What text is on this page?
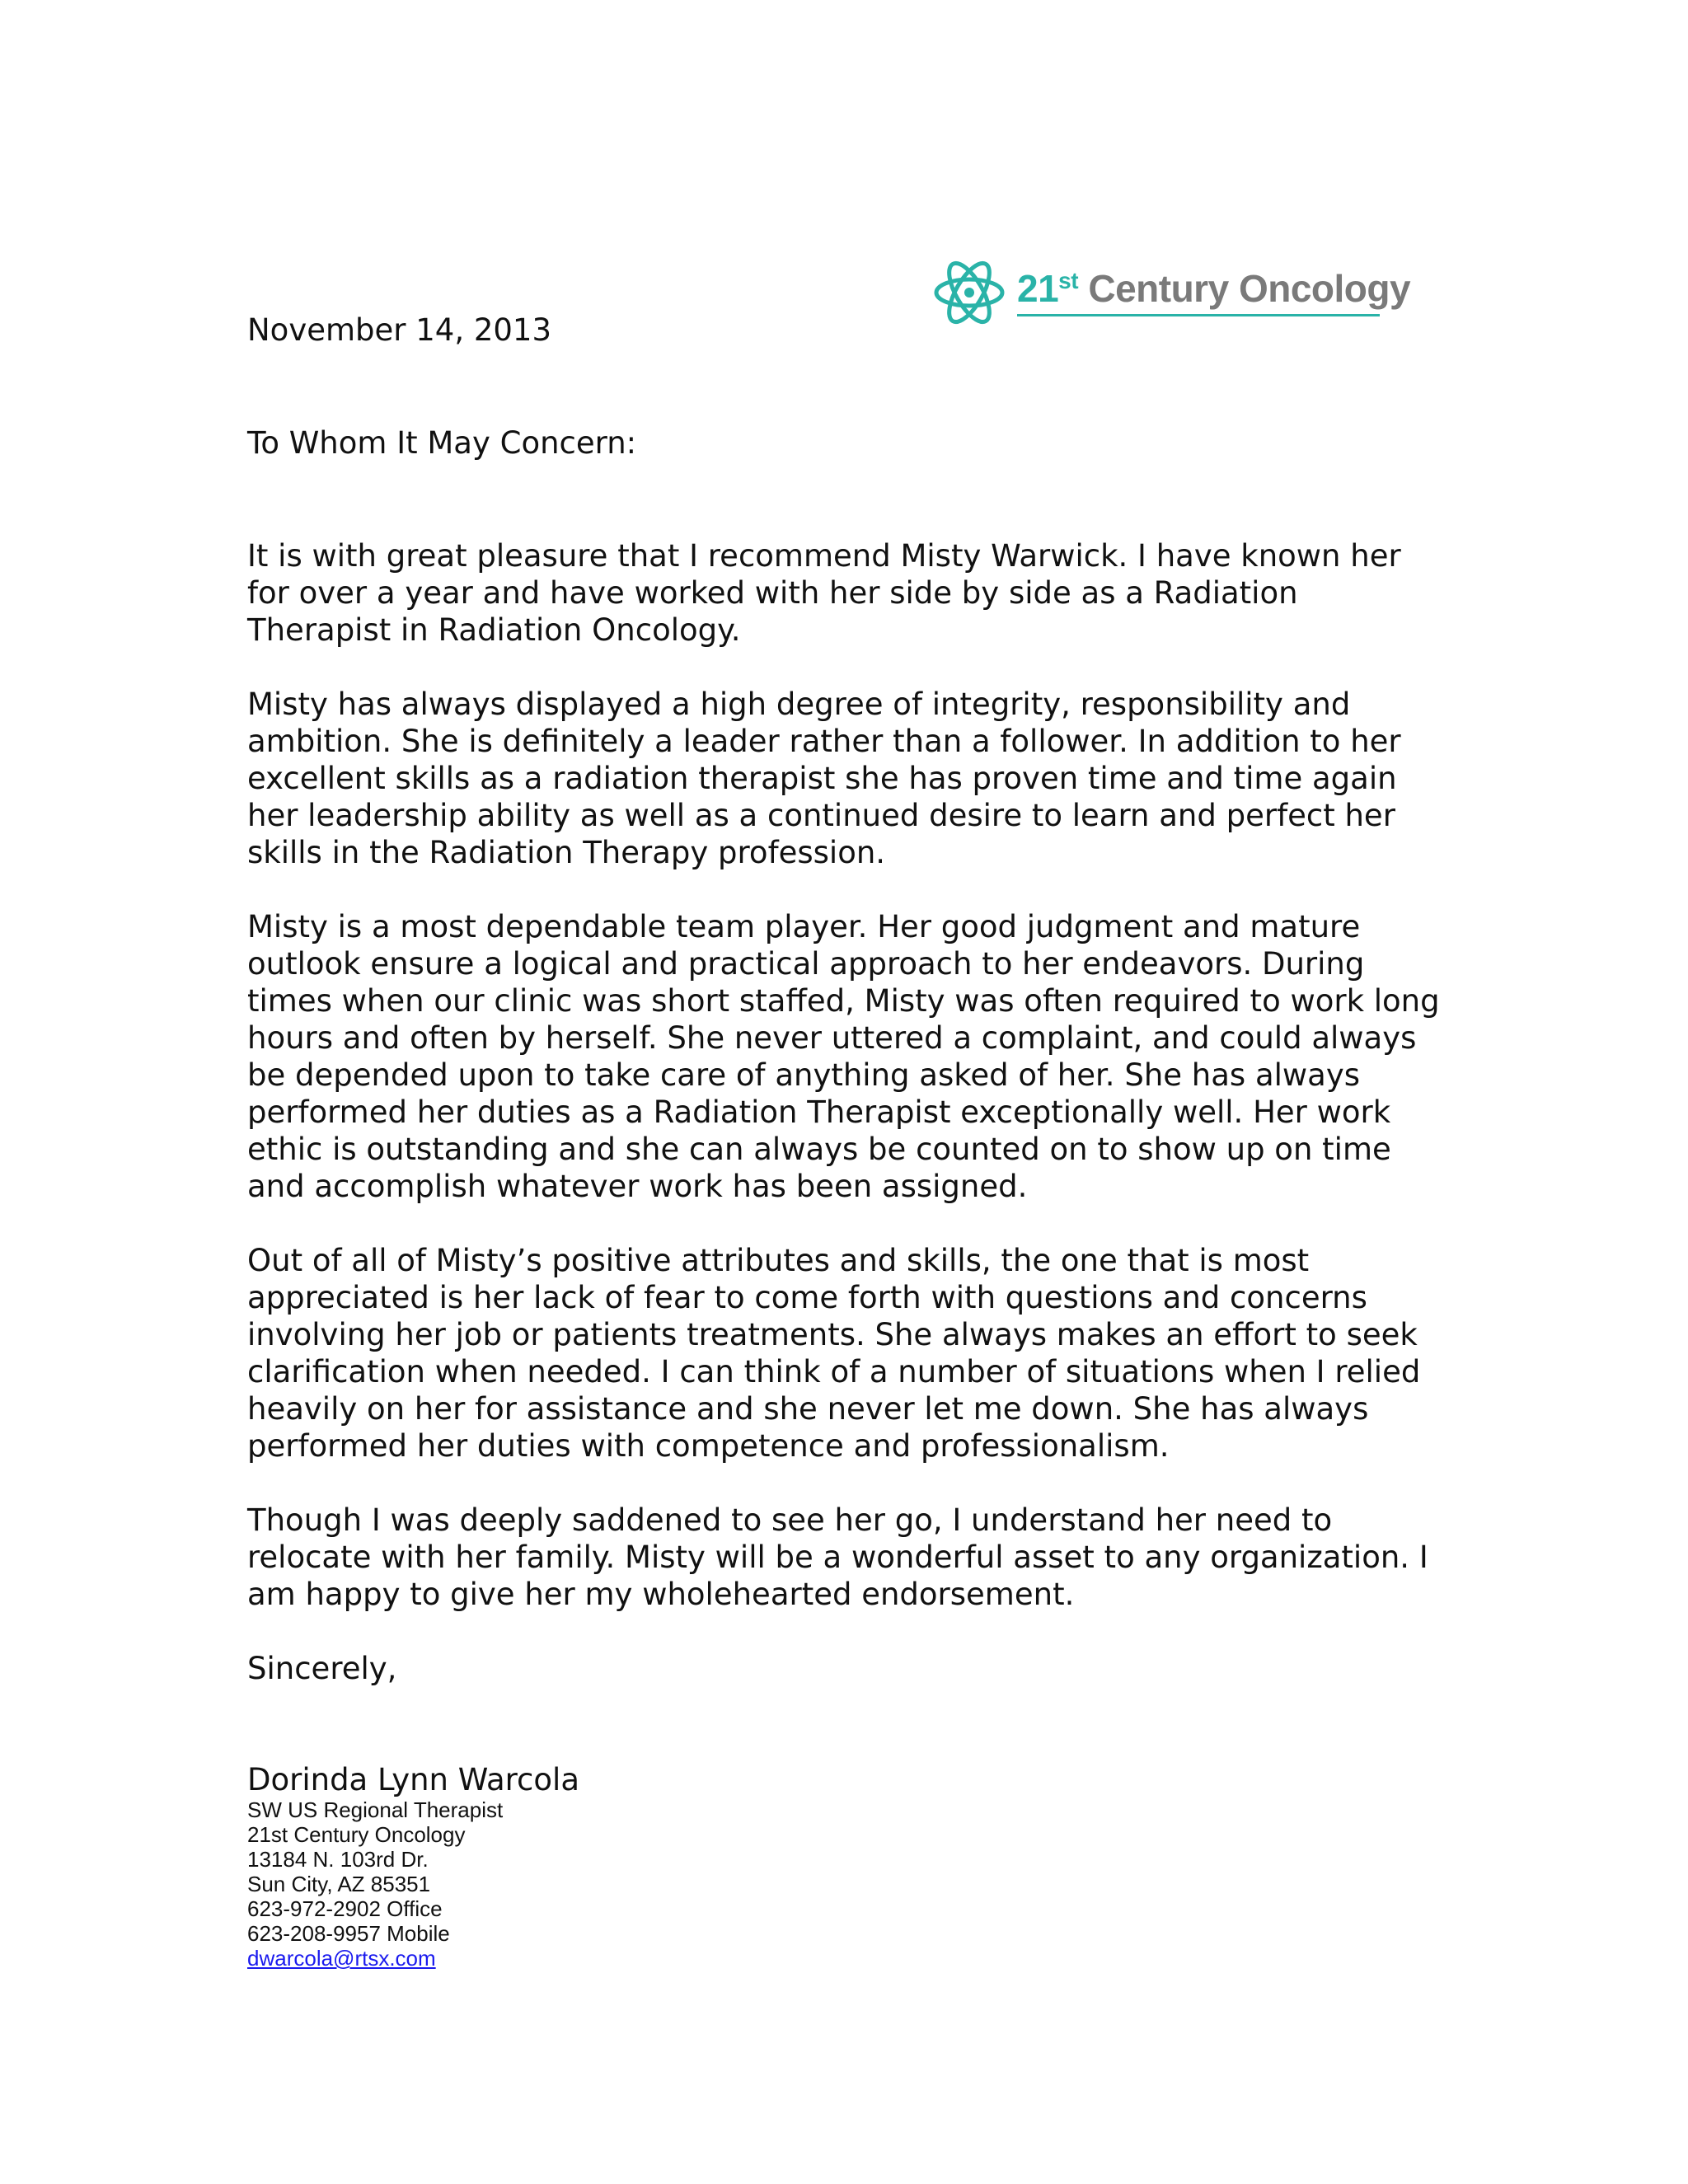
21st Century Oncology

November 14, 2013

To Whom It May Concern:

It is with great pleasure that I recommend Misty Warwick. I have known her for over a year and have worked with her side by side as a Radiation Therapist in Radiation Oncology.

Misty has always displayed a high degree of integrity, responsibility and ambition. She is definitely a leader rather than a follower. In addition to her excellent skills as a radiation therapist she has proven time and time again her leadership ability as well as a continued desire to learn and perfect her skills in the Radiation Therapy profession.

Misty is a most dependable team player. Her good judgment and mature outlook ensure a logical and practical approach to her endeavors. During times when our clinic was short staffed, Misty was often required to work long hours and often by herself. She never uttered a complaint, and could always be depended upon to take care of anything asked of her. She has always performed her duties as a Radiation Therapist exceptionally well. Her work ethic is outstanding and she can always be counted on to show up on time and accomplish whatever work has been assigned.

Out of all of Misty’s positive attributes and skills, the one that is most appreciated is her lack of fear to come forth with questions and concerns involving her job or patients treatments. She always makes an effort to seek clarification when needed. I can think of a number of situations when I relied heavily on her for assistance and she never let me down. She has always performed her duties with competence and professionalism.

Though I was deeply saddened to see her go, I understand her need to relocate with her family. Misty will be a wonderful asset to any organization. I am happy to give her my wholehearted endorsement.

Sincerely,

Dorinda Lynn Warcola

SW US Regional Therapist
21st Century Oncology
13184 N. 103rd Dr.
Sun City, AZ 85351
623-972-2902 Office
623-208-9957 Mobile
dwarcola@rtsx.com
